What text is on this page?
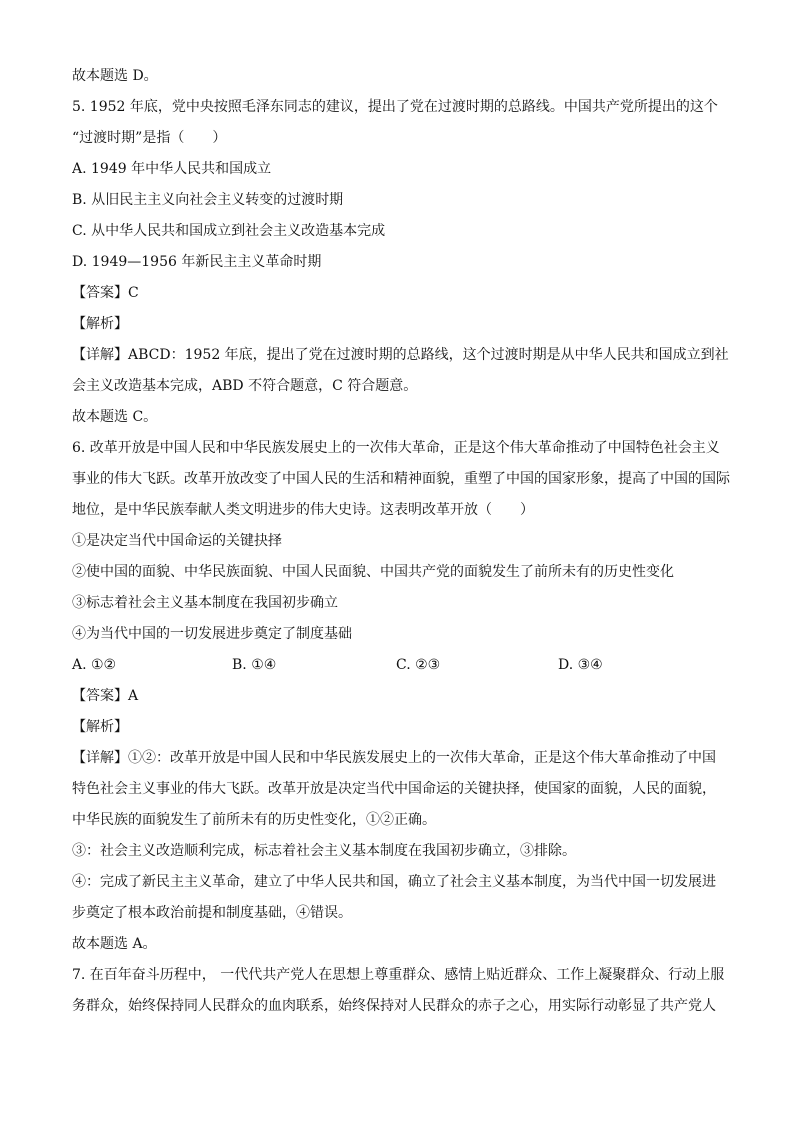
故本题选 D。
5. 1952 年底，党中央按照毛泽东同志的建议，提出了党在过渡时期的总路线。中国共产党所提出的这个
“过渡时期”是指（　　）
A. 1949 年中华人民共和国成立
B. 从旧民主主义向社会主义转变的过渡时期
C. 从中华人民共和国成立到社会主义改造基本完成
D. 1949—1956 年新民主主义革命时期
【答案】C
【解析】
【详解】ABCD：1952 年底，提出了党在过渡时期的总路线，这个过渡时期是从中华人民共和国成立到社
会主义改造基本完成，ABD 不符合题意，C 符合题意。
故本题选 C。
6. 改革开放是中国人民和中华民族发展史上的一次伟大革命，正是这个伟大革命推动了中国特色社会主义
事业的伟大飞跃。改革开放改变了中国人民的生活和精神面貌，重塑了中国的国家形象，提高了中国的国际
地位，是中华民族奉献人类文明进步的伟大史诗。这表明改革开放（　　）
①是决定当代中国命运的关键抉择
②使中国的面貌、中华民族面貌、中国人民面貌、中国共产党的面貌发生了前所未有的历史性变化
③标志着社会主义基本制度在我国初步确立
④为当代中国的一切发展进步奠定了制度基础
A. ①②	B. ①④	C. ②③	D. ③④
【答案】A
【解析】
【详解】①②：改革开放是中国人民和中华民族发展史上的一次伟大革命，正是这个伟大革命推动了中国
特色社会主义事业的伟大飞跃。改革开放是决定当代中国命运的关键抉择，使国家的面貌，人民的面貌，
中华民族的面貌发生了前所未有的历史性变化，①②正确。
③：社会主义改造顺利完成，标志着社会主义基本制度在我国初步确立，③排除。
④：完成了新民主主义革命，建立了中华人民共和国，确立了社会主义基本制度，为当代中国一切发展进
步奠定了根本政治前提和制度基础，④错误。
故本题选 A。
7. 在百年奋斗历程中， 一代代共产党人在思想上尊重群众、感情上贴近群众、工作上凝聚群众、行动上服
务群众，始终保持同人民群众的血肉联系，始终保持对人民群众的赤子之心，用实际行动彰显了共产党人
